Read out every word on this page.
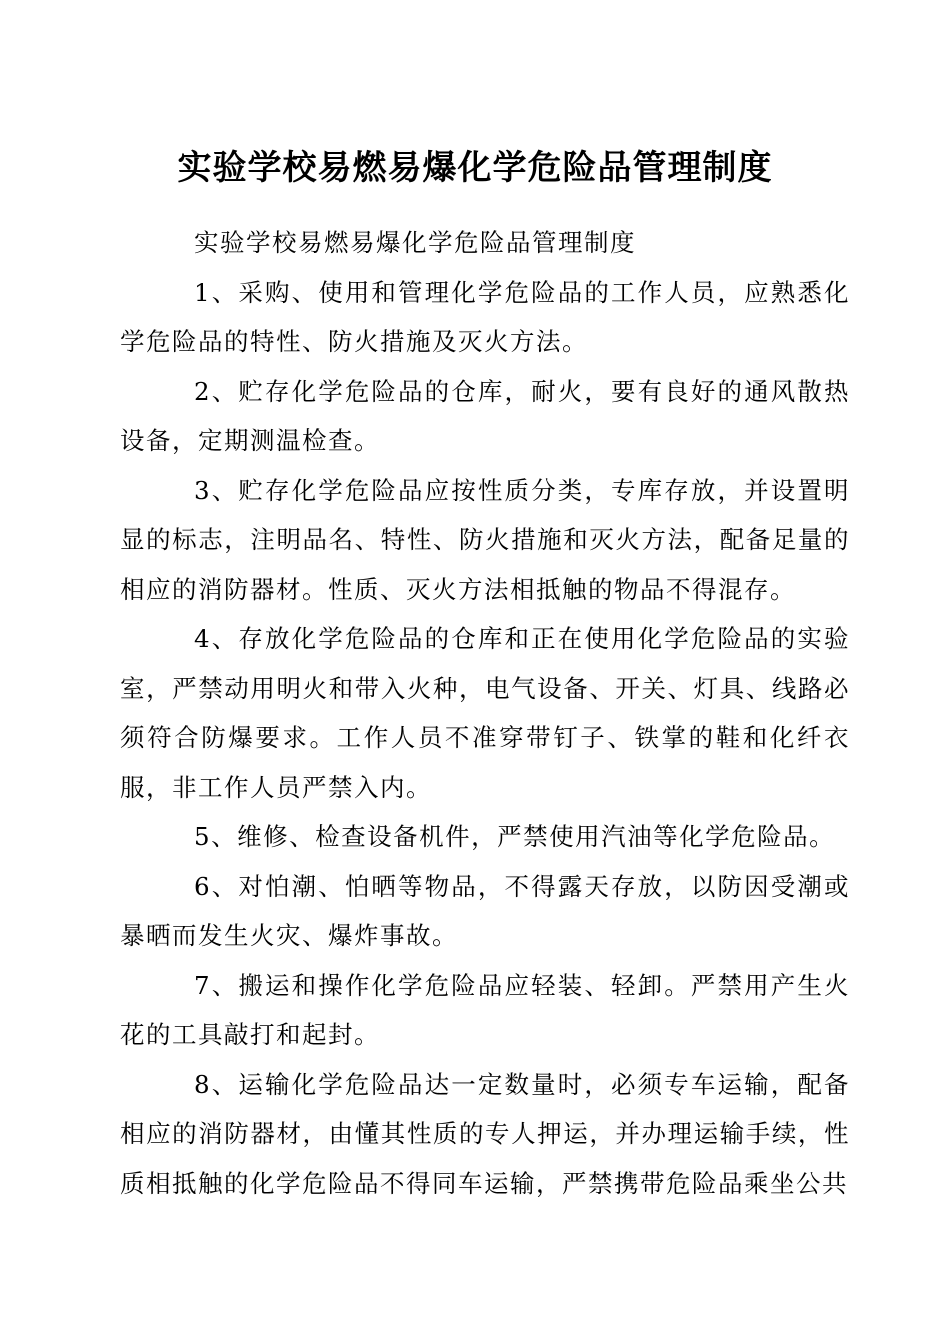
实验学校易燃易爆化学危险品管理制度

实验学校易燃易爆化学危险品管理制度

1、采购、使用和管理化学危险品的工作人员，应熟悉化学危险品的特性、防火措施及灭火方法。

2、贮存化学危险品的仓库，耐火，要有良好的通风散热设备，定期测温检查。

3、贮存化学危险品应按性质分类，专库存放，并设置明显的标志，注明品名、特性、防火措施和灭火方法，配备足量的相应的消防器材。性质、灭火方法相抵触的物品不得混存。

4、存放化学危险品的仓库和正在使用化学危险品的实验室，严禁动用明火和带入火种，电气设备、开关、灯具、线路必须符合防爆要求。工作人员不准穿带钉子、铁掌的鞋和化纤衣服，非工作人员严禁入内。

5、维修、检查设备机件，严禁使用汽油等化学危险品。

6、对怕潮、怕晒等物品，不得露天存放，以防因受潮或暴晒而发生火灾、爆炸事故。

7、搬运和操作化学危险品应轻装、轻卸。严禁用产生火花的工具敲打和起封。

8、运输化学危险品达一定数量时，必须专车运输，配备相应的消防器材，由懂其性质的专人押运，并办理运输手续，性质相抵触的化学危险品不得同车运输，严禁携带危险品乘坐公共
